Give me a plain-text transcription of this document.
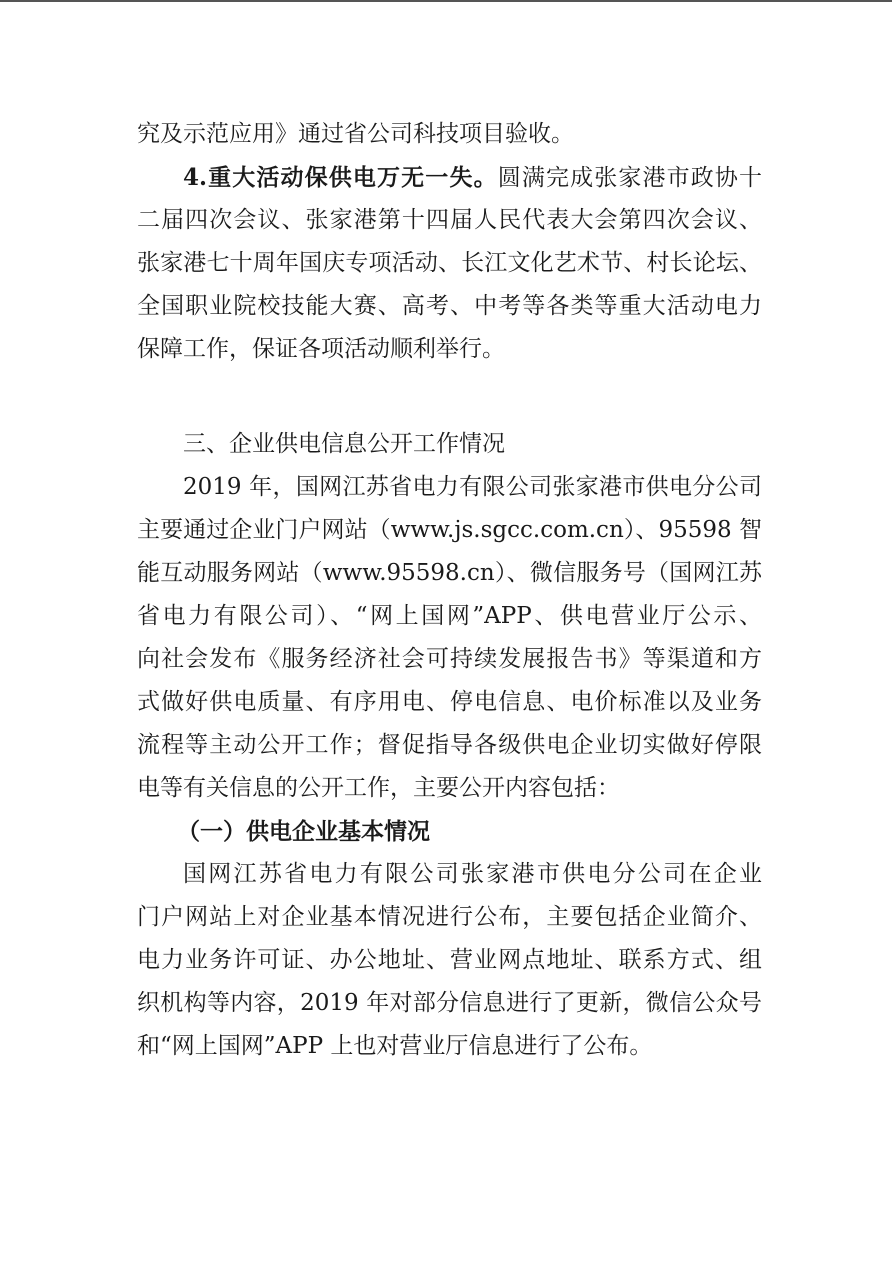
究及示范应用》通过省公司科技项目验收。
4.重大活动保供电万无一失。圆满完成张家港市政协十
二届四次会议、张家港第十四届人民代表大会第四次会议、
张家港七十周年国庆专项活动、长江文化艺术节、村长论坛、
全国职业院校技能大赛、高考、中考等各类等重大活动电力
保障工作，保证各项活动顺利举行。
三、企业供电信息公开工作情况
2019 年，国网江苏省电力有限公司张家港市供电分公司
主要通过企业门户网站（www.js.sgcc.com.cn）、95598 智
能互动服务网站（www.95598.cn）、微信服务号（国网江苏
省电力有限公司）、“网上国网”APP、供电营业厅公示、
向社会发布《服务经济社会可持续发展报告书》等渠道和方
式做好供电质量、有序用电、停电信息、电价标准以及业务
流程等主动公开工作；督促指导各级供电企业切实做好停限
电等有关信息的公开工作，主要公开内容包括：
（一）供电企业基本情况
国网江苏省电力有限公司张家港市供电分公司在企业
门户网站上对企业基本情况进行公布，主要包括企业简介、
电力业务许可证、办公地址、营业网点地址、联系方式、组
织机构等内容，2019 年对部分信息进行了更新，微信公众号
和“网上国网”APP 上也对营业厅信息进行了公布。
